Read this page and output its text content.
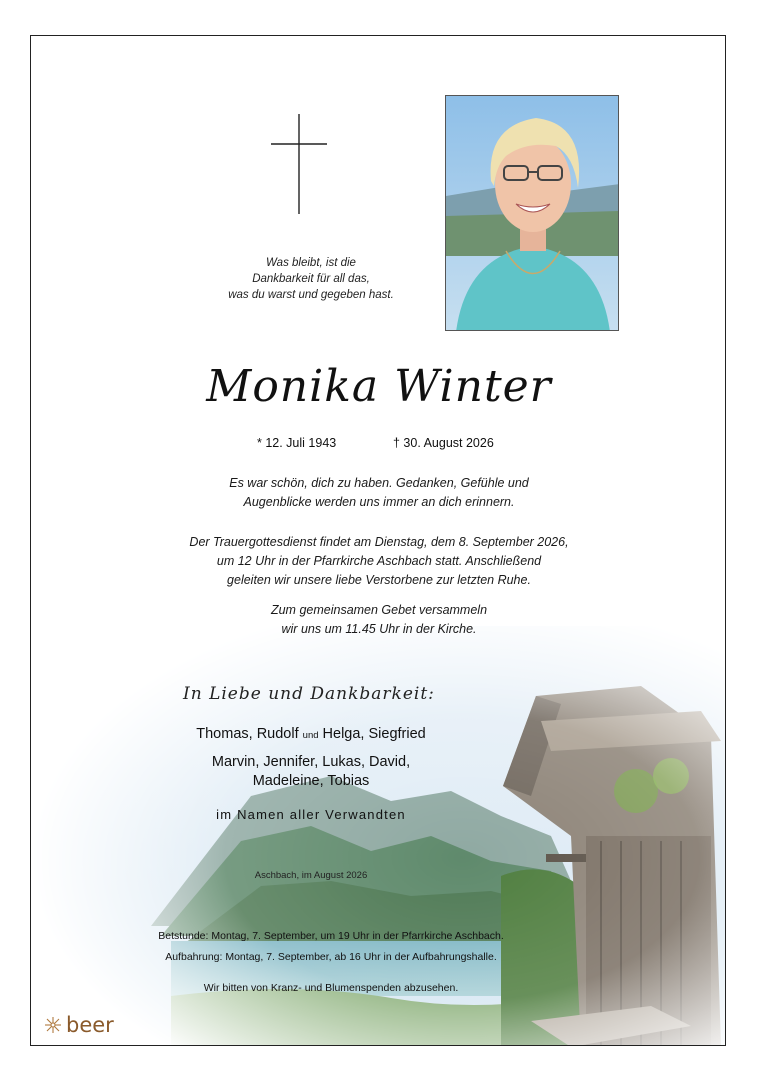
Was bleibt, ist die
Dankbarkeit für all das,
was du warst und gegeben hast.
Monika Winter
* 12. Juli 1943	† 30. August 2026
Es war schön, dich zu haben. Gedanken, Gefühle und
Augenblicke werden uns immer an dich erinnern.
Der Trauergottesdienst findet am Dienstag, dem 8. September 2026,
um 12 Uhr in der Pfarrkirche Aschbach statt. Anschließend
geleiten wir unsere liebe Verstorbene zur letzten Ruhe.
Zum gemeinsamen Gebet versammeln
wir uns um 11.45 Uhr in der Kirche.
In Liebe und Dankbarkeit:
Thomas, Rudolf und Helga, Siegfried
Marvin, Jennifer, Lukas, David,
Madeleine, Tobias
im Namen aller Verwandten
Aschbach, im August 2026
Betstunde: Montag, 7. September, um 19 Uhr in der Pfarrkirche Aschbach.
Aufbahrung: Montag, 7. September, ab 16 Uhr in der Aufbahrungshalle.
Wir bitten von Kranz- und Blumenspenden abzusehen.
beer
